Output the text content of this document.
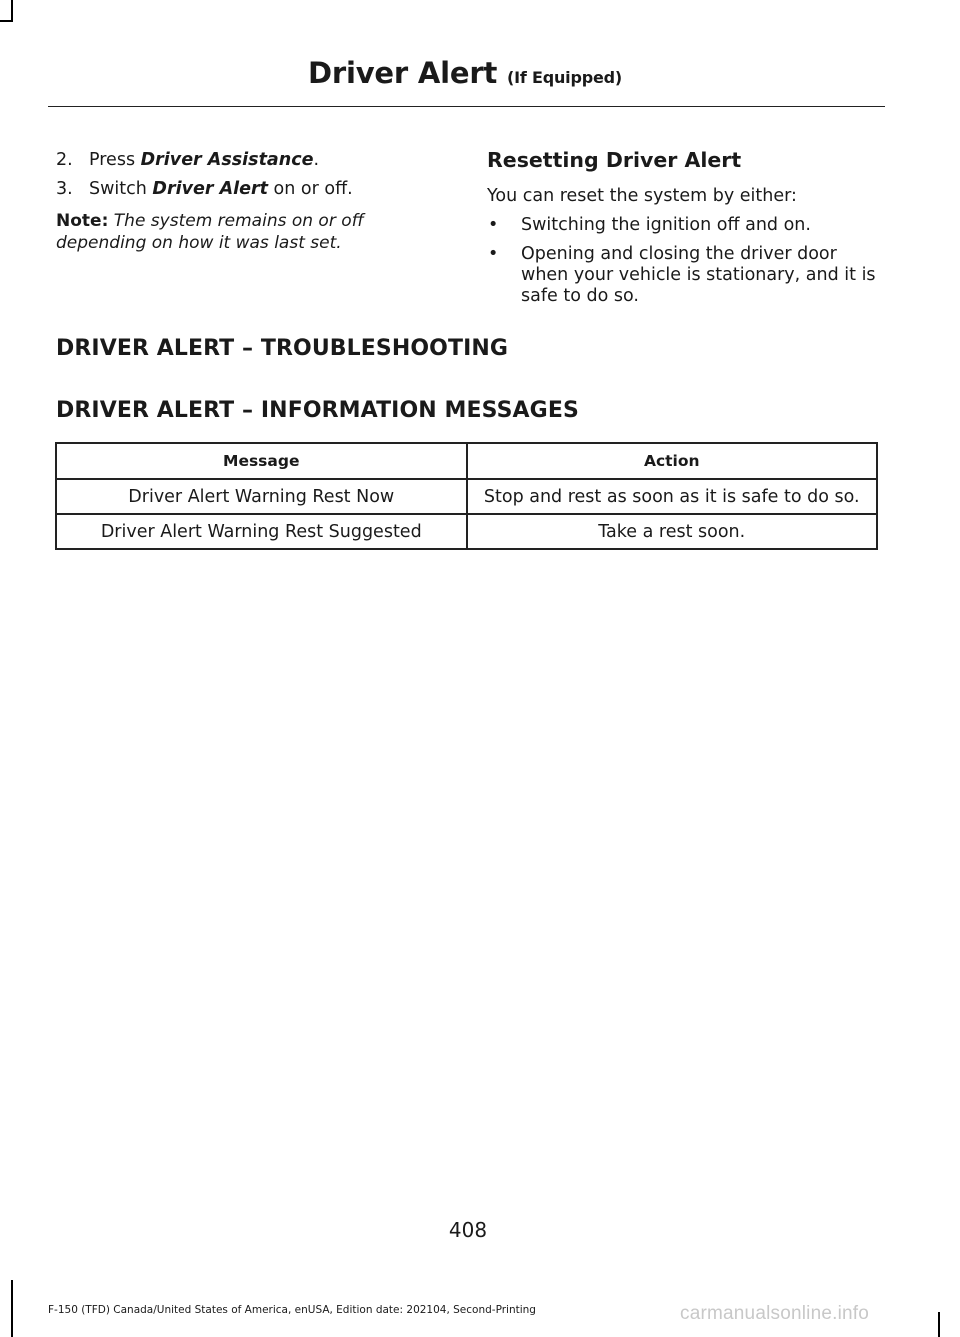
Driver Alert (If Equipped)
2. Press Driver Assistance.
3. Switch Driver Alert on or off.
Note: The system remains on or off depending on how it was last set.
Resetting Driver Alert
You can reset the system by either:
•	Switching the ignition off and on.
•	Opening and closing the driver door when your vehicle is stationary, and it is safe to do so.
DRIVER ALERT – TROUBLESHOOTING
DRIVER ALERT – INFORMATION MESSAGES
Message	Action
Driver Alert Warning Rest Now	Stop and rest as soon as it is safe to do so.
Driver Alert Warning Rest Suggested	Take a rest soon.
408
F-150 (TFD) Canada/United States of America, enUSA, Edition date: 202104, Second-Printing	carmanualsonline.info
